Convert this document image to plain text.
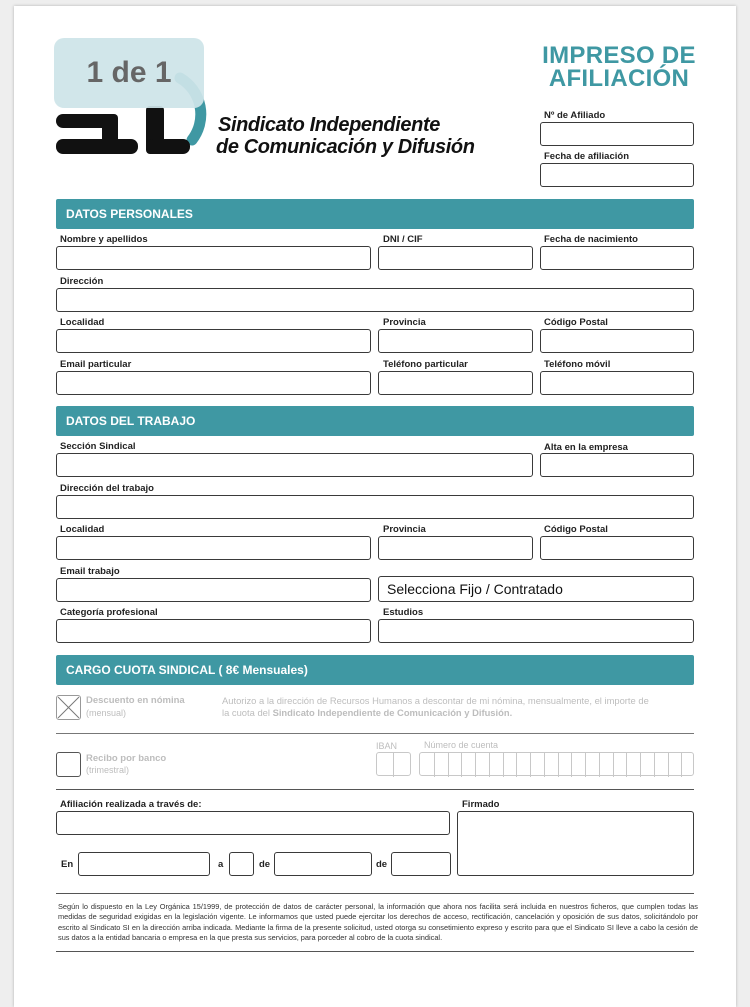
1 de 1
Sindicato Independiente
de Comunicación y Difusión
IMPRESO DE
AFILIACIÓN
Nº de Afiliado
Fecha de afiliación
DATOS PERSONALES
Nombre y apellidos	DNI / CIF	Fecha de nacimiento
Dirección
Localidad	Provincia	Código Postal
Email particular	Teléfono particular	Teléfono móvil
DATOS DEL TRABAJO
Sección Sindical	Alta en la empresa
Dirección del trabajo
Localidad	Provincia	Código Postal
Email trabajo
Selecciona Fijo / Contratado
Categoría profesional	Estudios
CARGO CUOTA SINDICAL ( 8€ Mensuales)
Descuento en nómina
(mensual)
Autorizo a la dirección de Recursos Humanos a descontar de mi nómina, mensualmente, el importe de
la cuota del Sindicato Independiente de Comunicación y Difusión.
Recibo por banco
(trimestral)
IBAN	Número de cuenta
Afiliación realizada a través de:	Firmado
En	a	de	de
Según lo dispuesto en la Ley Orgánica 15/1999, de protección de datos de carácter personal, la información que ahora nos facilita será incluida en nuestros ficheros, que cumplen todas las medidas de seguridad exigidas en la legislación vigente. Le informamos que usted puede ejercitar los derechos de acceso, rectificación, cancelación y oposición de sus datos, solicitándolo por escrito al Sindicato SI en la dirección arriba indicada. Mediante la firma de la presente solicitud, usted otorga su consetimiento expreso y escrito para que el Sindicato SI lleve a cabo la cesión de sus datos a la entidad bancaria o empresa en la que presta sus servicios, para porceder al cobro de la cuota sindical.
